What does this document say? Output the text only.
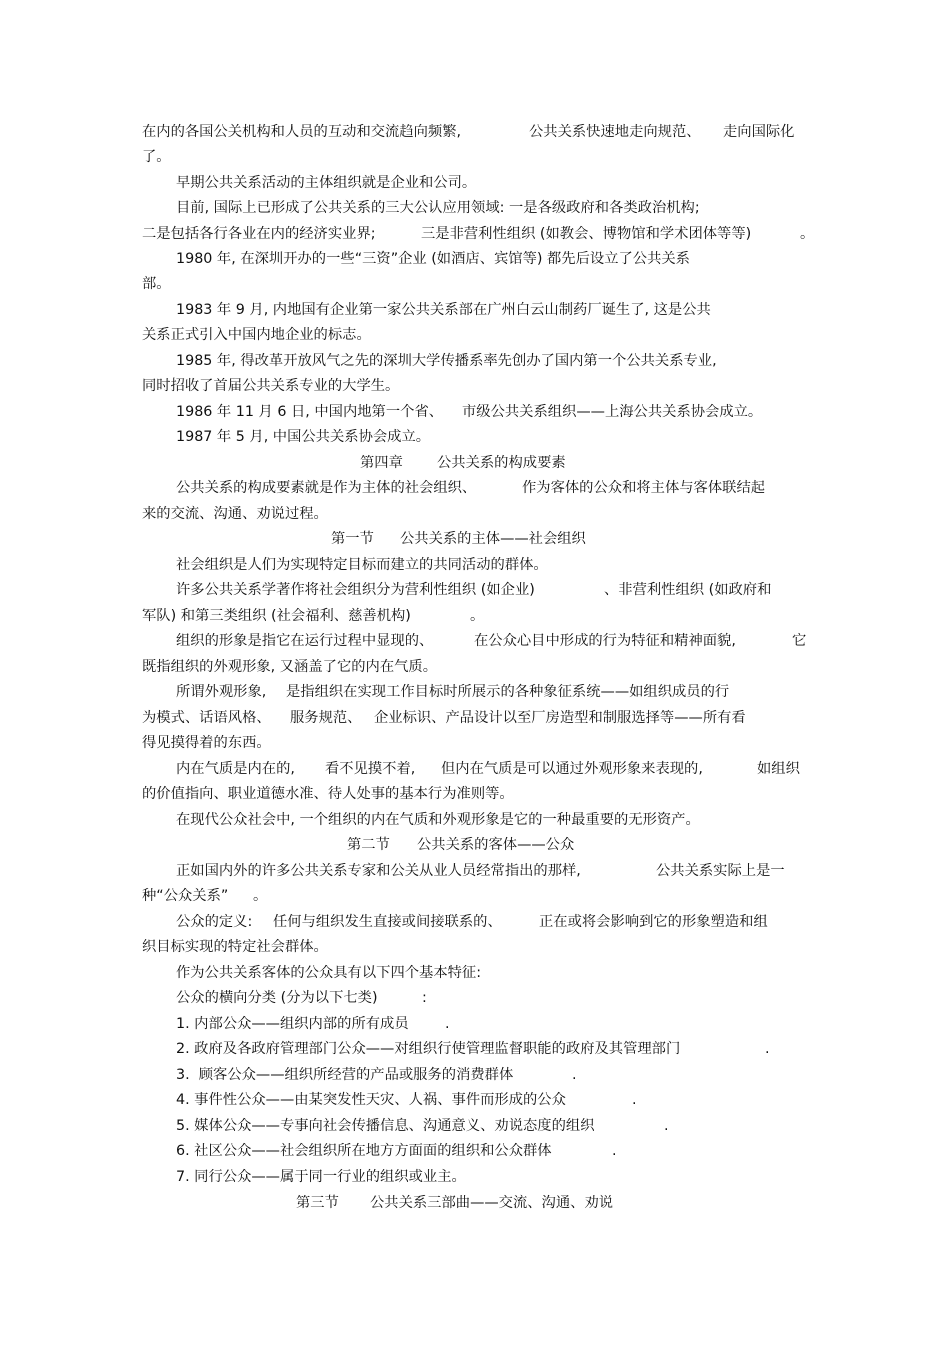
在内的各国公关机构和人员的互动和交流趋向频繁,	公共关系快速地走向规范、 走向国际化
了。
早期公共关系活动的主体组织就是企业和公司。
目前, 国际上已形成了公共关系的三大公认应用领域: 一是各级政府和各类政治机构;
二是包括各行各业在内的经济实业界;	三是非营利性组织 (如教会、博物馆和学术团体等等)	。
1980 年, 在深圳开办的一些“三资”企业 (如酒店、宾馆等) 都先后设立了公共关系
部。
1983 年 9 月, 内地国有企业第一家公共关系部在广州白云山制药厂诞生了, 这是公共
关系正式引入中国内地企业的标志。
1985 年, 得改革开放风气之先的深圳大学传播系率先创办了国内第一个公共关系专业,
同时招收了首届公共关系专业的大学生。
1986 年 11 月 6 日, 中国内地第一个省、 市级公共关系组织——上海公共关系协会成立。
1987 年 5 月, 中国公共关系协会成立。
第四章 公共关系的构成要素
公共关系的构成要素就是作为主体的社会组织、	作为客体的公众和将主体与客体联结起
来的交流、沟通、劝说过程。
第一节 公共关系的主体——社会组织
社会组织是人们为实现特定目标而建立的共同活动的群体。
许多公共关系学著作将社会组织分为营利性组织 (如企业)	、非营利性组织 (如政府和
军队) 和第三类组织 (社会福利、慈善机构)	。
组织的形象是指它在运行过程中显现的、	在公众心目中形成的行为特征和精神面貌,	它
既指组织的外观形象, 又涵盖了它的内在气质。
所谓外观形象, 是指组织在实现工作目标时所展示的各种象征系统——如组织成员的行
为模式、话语风格、 服务规范、 企业标识、产品设计以至厂房造型和制服选择等——所有看
得见摸得着的东西。
内在气质是内在的, 看不见摸不着, 但内在气质是可以通过外观形象来表现的,	如组织
的价值指向、职业道德水准、待人处事的基本行为准则等。
在现代公众社会中, 一个组织的内在气质和外观形象是它的一种最重要的无形资产。
第二节 公共关系的客体——公众
正如国内外的许多公共关系专家和公关从业人员经常指出的那样,	公共关系实际上是一
种“公众关系” 。
公众的定义: 任何与组织发生直接或间接联系的、	正在或将会影响到它的形象塑造和组
织目标实现的特定社会群体。
作为公共关系客体的公众具有以下四个基本特征:
公众的横向分类 (分为以下七类)	:
1. 内部公众——组织内部的所有成员	.
2. 政府及各政府管理部门公众——对组织行使管理监督职能的政府及其管理部门	.
3.  顾客公众——组织所经营的产品或服务的消费群体	.
4. 事件性公众——由某突发性天灾、人祸、事件而形成的公众	.
5. 媒体公众——专事向社会传播信息、沟通意义、劝说态度的组织	.
6. 社区公众——社会组织所在地方方面面的组织和公众群体	.
7. 同行公众——属于同一行业的组织或业主。
第三节 公共关系三部曲——交流、沟通、劝说
